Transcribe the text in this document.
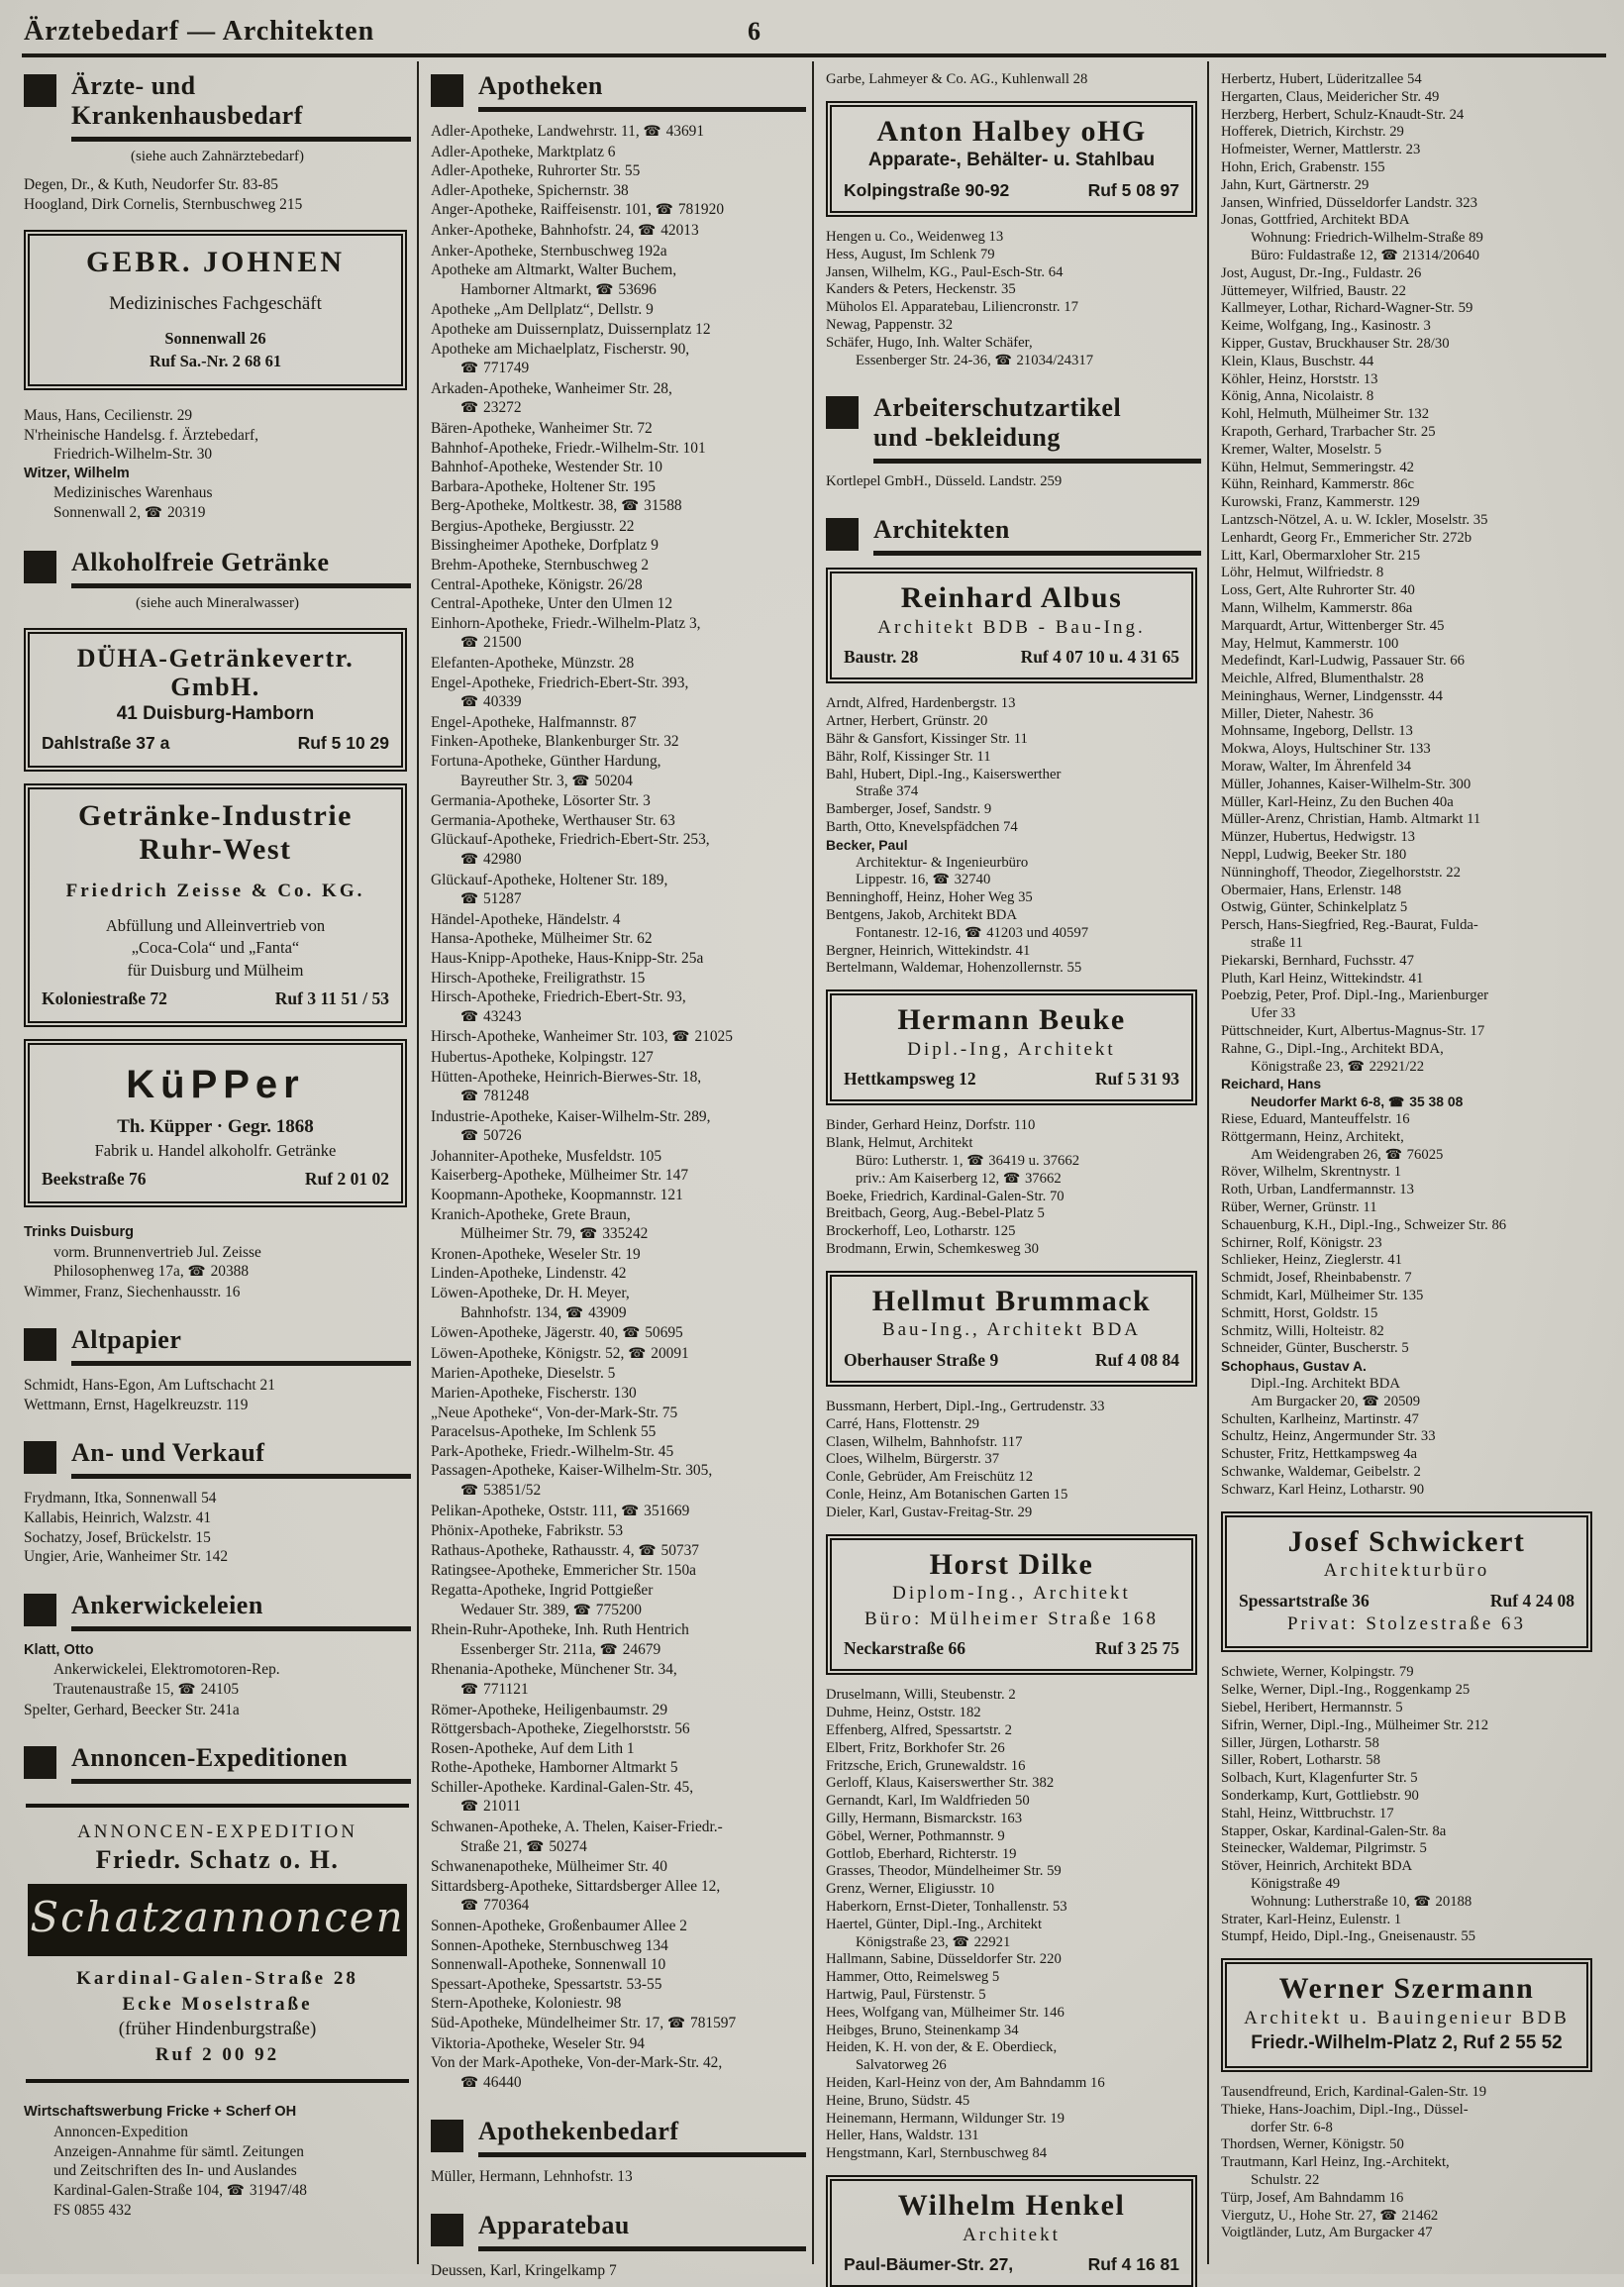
Ärztebedarf — Architekten	6
Ärzte- und
Krankenhausbedarf
(siehe auch Zahnärztebedarf)
Degen, Dr., & Kuth, Neudorfer Str. 83-85
Hoogland, Dirk Cornelis, Sternbuschweg 215
GEBR. JOHNEN
Medizinisches Fachgeschäft
Sonnenwall 26
Ruf Sa.-Nr. 2 68 61
Maus, Hans, Cecilienstr. 29
N'rheinische Handelsg. f. Ärztebedarf,
Friedrich-Wilhelm-Str. 30
Witzer, Wilhelm
Medizinisches Warenhaus
Sonnenwall 2, ☎ 20319
Alkoholfreie Getränke
(siehe auch Mineralwasser)
DÜHA-Getränkevertr. GmbH.
41 Duisburg-Hamborn
Dahlstraße 37 a	Ruf 5 10 29
Getränke-Industrie
Ruhr-West
Friedrich Zeisse & Co. KG.
Abfüllung und Alleinvertrieb von
„Coca-Cola“ und „Fanta“
für Duisburg und Mülheim
Koloniestraße 72	Ruf 3 11 51 / 53
KüPPer
Th. Küpper · Gegr. 1868
Fabrik u. Handel alkoholfr. Getränke
Beekstraße 76	Ruf 2 01 02
Trinks Duisburg
vorm. Brunnenvertrieb Jul. Zeisse
Philosophenweg 17a, ☎ 20388
Wimmer, Franz, Siechenhausstr. 16
Altpapier
Schmidt, Hans-Egon, Am Luftschacht 21
Wettmann, Ernst, Hagelkreuzstr. 119
An- und Verkauf
Frydmann, Itka, Sonnenwall 54
Kallabis, Heinrich, Walzstr. 41
Sochatzy, Josef, Brückelstr. 15
Ungier, Arie, Wanheimer Str. 142
Ankerwickeleien
Klatt, Otto
Ankerwickelei, Elektromotoren-Rep.
Trautenaustraße 15, ☎ 24105
Spelter, Gerhard, Beecker Str. 241a
Annoncen-Expeditionen
ANNONCEN-EXPEDITION
Friedr. Schatz o. H.
Schatzannoncen
Kardinal-Galen-Straße 28
Ecke Moselstraße
(früher Hindenburgstraße)
Ruf 2 00 92
Wirtschaftswerbung Fricke + Scherf OH
Annoncen-Expedition
Anzeigen-Annahme für sämtl. Zeitungen
und Zeitschriften des In- und Auslandes
Kardinal-Galen-Straße 104, ☎ 31947/48
FS 0855 432
Apotheken
Adler-Apotheke, Landwehrstr. 11, ☎ 43691
Adler-Apotheke, Marktplatz 6
Adler-Apotheke, Ruhrorter Str. 55
Adler-Apotheke, Spichernstr. 38
Anger-Apotheke, Raiffeisenstr. 101, ☎ 781920
Anker-Apotheke, Bahnhofstr. 24, ☎ 42013
Anker-Apotheke, Sternbuschweg 192a
Apotheke am Altmarkt, Walter Buchem,
Hamborner Altmarkt, ☎ 53696
Apotheke „Am Dellplatz“, Dellstr. 9
Apotheke am Duissernplatz, Duissernplatz 12
Apotheke am Michaelplatz, Fischerstr. 90,
☎ 771749
Arkaden-Apotheke, Wanheimer Str. 28,
☎ 23272
Bären-Apotheke, Wanheimer Str. 72
Bahnhof-Apotheke, Friedr.-Wilhelm-Str. 101
Bahnhof-Apotheke, Westender Str. 10
Barbara-Apotheke, Holtener Str. 195
Berg-Apotheke, Moltkestr. 38, ☎ 31588
Bergius-Apotheke, Bergiusstr. 22
Bissingheimer Apotheke, Dorfplatz 9
Brehm-Apotheke, Sternbuschweg 2
Central-Apotheke, Königstr. 26/28
Central-Apotheke, Unter den Ulmen 12
Einhorn-Apotheke, Friedr.-Wilhelm-Platz 3,
☎ 21500
Elefanten-Apotheke, Münzstr. 28
Engel-Apotheke, Friedrich-Ebert-Str. 393,
☎ 40339
Engel-Apotheke, Halfmannstr. 87
Finken-Apotheke, Blankenburger Str. 32
Fortuna-Apotheke, Günther Hardung,
Bayreuther Str. 3, ☎ 50204
Germania-Apotheke, Lösorter Str. 3
Germania-Apotheke, Werthauser Str. 63
Glückauf-Apotheke, Friedrich-Ebert-Str. 253,
☎ 42980
Glückauf-Apotheke, Holtener Str. 189,
☎ 51287
Händel-Apotheke, Händelstr. 4
Hansa-Apotheke, Mülheimer Str. 62
Haus-Knipp-Apotheke, Haus-Knipp-Str. 25a
Hirsch-Apotheke, Freiligrathstr. 15
Hirsch-Apotheke, Friedrich-Ebert-Str. 93,
☎ 43243
Hirsch-Apotheke, Wanheimer Str. 103, ☎ 21025
Hubertus-Apotheke, Kolpingstr. 127
Hütten-Apotheke, Heinrich-Bierwes-Str. 18,
☎ 781248
Industrie-Apotheke, Kaiser-Wilhelm-Str. 289,
☎ 50726
Johanniter-Apotheke, Musfeldstr. 105
Kaiserberg-Apotheke, Mülheimer Str. 147
Koopmann-Apotheke, Koopmannstr. 121
Kranich-Apotheke, Grete Braun,
Mülheimer Str. 79, ☎ 335242
Kronen-Apotheke, Weseler Str. 19
Linden-Apotheke, Lindenstr. 42
Löwen-Apotheke, Dr. H. Meyer,
Bahnhofstr. 134, ☎ 43909
Löwen-Apotheke, Jägerstr. 40, ☎ 50695
Löwen-Apotheke, Königstr. 52, ☎ 20091
Marien-Apotheke, Dieselstr. 5
Marien-Apotheke, Fischerstr. 130
„Neue Apotheke“, Von-der-Mark-Str. 75
Paracelsus-Apotheke, Im Schlenk 55
Park-Apotheke, Friedr.-Wilhelm-Str. 45
Passagen-Apotheke, Kaiser-Wilhelm-Str. 305,
☎ 53851/52
Pelikan-Apotheke, Oststr. 111, ☎ 351669
Phönix-Apotheke, Fabrikstr. 53
Rathaus-Apotheke, Rathausstr. 4, ☎ 50737
Ratingsee-Apotheke, Emmericher Str. 150a
Regatta-Apotheke, Ingrid Pottgießer
Wedauer Str. 389, ☎ 775200
Rhein-Ruhr-Apotheke, Inh. Ruth Hentrich
Essenberger Str. 211a, ☎ 24679
Rhenania-Apotheke, Münchener Str. 34,
☎ 771121
Römer-Apotheke, Heiligenbaumstr. 29
Röttgersbach-Apotheke, Ziegelhorststr. 56
Rosen-Apotheke, Auf dem Lith 1
Rothe-Apotheke, Hamborner Altmarkt 5
Schiller-Apotheke. Kardinal-Galen-Str. 45,
☎ 21011
Schwanen-Apotheke, A. Thelen, Kaiser-Friedr.-
Straße 21, ☎ 50274
Schwanenapotheke, Mülheimer Str. 40
Sittardsberg-Apotheke, Sittardsberger Allee 12,
☎ 770364
Sonnen-Apotheke, Großenbaumer Allee 2
Sonnen-Apotheke, Sternbuschweg 134
Sonnenwall-Apotheke, Sonnenwall 10
Spessart-Apotheke, Spessartstr. 53-55
Stern-Apotheke, Koloniestr. 98
Süd-Apotheke, Mündelheimer Str. 17, ☎ 781597
Viktoria-Apotheke, Weseler Str. 94
Von der Mark-Apotheke, Von-der-Mark-Str. 42,
☎ 46440
Apothekenbedarf
Müller, Hermann, Lehnhofstr. 13
Apparatebau
Deussen, Karl, Kringelkamp 7
Garbe, Lahmeyer & Co. AG., Kuhlenwall 28
Anton Halbey oHG
Apparate-, Behälter- u. Stahlbau
Kolpingstraße 90-92	Ruf 5 08 97
Hengen u. Co., Weidenweg 13
Hess, August, Im Schlenk 79
Jansen, Wilhelm, KG., Paul-Esch-Str. 64
Kanders & Peters, Heckenstr. 35
Müholos El. Apparatebau, Liliencronstr. 17
Newag, Pappenstr. 32
Schäfer, Hugo, Inh. Walter Schäfer,
Essenberger Str. 24-36, ☎ 21034/24317
Arbeiterschutzartikel
und -bekleidung
Kortlepel GmbH., Düsseld. Landstr. 259
Architekten
Reinhard Albus
Architekt BDB - Bau-Ing.
Baustr. 28	Ruf 4 07 10 u. 4 31 65
Arndt, Alfred, Hardenbergstr. 13
Artner, Herbert, Grünstr. 20
Bähr & Gansfort, Kissinger Str. 11
Bähr, Rolf, Kissinger Str. 11
Bahl, Hubert, Dipl.-Ing., Kaiserswerther
Straße 374
Bamberger, Josef, Sandstr. 9
Barth, Otto, Knevelspfädchen 74
Becker, Paul
Architektur- & Ingenieurbüro
Lippestr. 16, ☎ 32740
Benninghoff, Heinz, Hoher Weg 35
Bentgens, Jakob, Architekt BDA
Fontanestr. 12-16, ☎ 41203 und 40597
Bergner, Heinrich, Wittekindstr. 41
Bertelmann, Waldemar, Hohenzollernstr. 55
Hermann Beuke
Dipl.-Ing, Architekt
Hettkampsweg 12	Ruf 5 31 93
Binder, Gerhard Heinz, Dorfstr. 110
Blank, Helmut, Architekt
Büro: Lutherstr. 1, ☎ 36419 u. 37662
priv.: Am Kaiserberg 12, ☎ 37662
Boeke, Friedrich, Kardinal-Galen-Str. 70
Breitbach, Georg, Aug.-Bebel-Platz 5
Brockerhoff, Leo, Lotharstr. 125
Brodmann, Erwin, Schemkesweg 30
Hellmut Brummack
Bau-Ing., Architekt BDA
Oberhauser Straße 9	Ruf 4 08 84
Bussmann, Herbert, Dipl.-Ing., Gertrudenstr. 33
Carré, Hans, Flottenstr. 29
Clasen, Wilhelm, Bahnhofstr. 117
Cloes, Wilhelm, Bürgerstr. 37
Conle, Gebrüder, Am Freischütz 12
Conle, Heinz, Am Botanischen Garten 15
Dieler, Karl, Gustav-Freitag-Str. 29
Horst Dilke
Diplom-Ing., Architekt
Büro: Mülheimer Straße 168
Neckarstraße 66	Ruf 3 25 75
Druselmann, Willi, Steubenstr. 2
Duhme, Heinz, Oststr. 182
Effenberg, Alfred, Spessartstr. 2
Elbert, Fritz, Borkhofer Str. 26
Fritzsche, Erich, Grunewaldstr. 16
Gerloff, Klaus, Kaiserswerther Str. 382
Gernandt, Karl, Im Waldfrieden 50
Gilly, Hermann, Bismarckstr. 163
Göbel, Werner, Pothmannstr. 9
Gottlob, Eberhard, Richterstr. 19
Grasses, Theodor, Mündelheimer Str. 59
Grenz, Werner, Eligiusstr. 10
Haberkorn, Ernst-Dieter, Tonhallenstr. 53
Haertel, Günter, Dipl.-Ing., Architekt
Königstraße 23, ☎ 22921
Hallmann, Sabine, Düsseldorfer Str. 220
Hammer, Otto, Reimelsweg 5
Hartwig, Paul, Fürstenstr. 5
Hees, Wolfgang van, Mülheimer Str. 146
Heibges, Bruno, Steinenkamp 34
Heiden, K. H. von der, & E. Oberdieck,
Salvatorweg 26
Heiden, Karl-Heinz von der, Am Bahndamm 16
Heine, Bruno, Südstr. 45
Heinemann, Hermann, Wildunger Str. 19
Heller, Hans, Waldstr. 131
Hengstmann, Karl, Sternbuschweg 84
Wilhelm Henkel
Architekt
Paul-Bäumer-Str. 27,	Ruf 4 16 81
Herbertz, Hubert, Lüderitzallee 54
Hergarten, Claus, Meidericher Str. 49
Herzberg, Herbert, Schulz-Knaudt-Str. 24
Hofferek, Dietrich, Kirchstr. 29
Hofmeister, Werner, Mattlerstr. 23
Hohn, Erich, Grabenstr. 155
Jahn, Kurt, Gärtnerstr. 29
Jansen, Winfried, Düsseldorfer Landstr. 323
Jonas, Gottfried, Architekt BDA
Wohnung: Friedrich-Wilhelm-Straße 89
Büro: Fuldastraße 12, ☎ 21314/20640
Jost, August, Dr.-Ing., Fuldastr. 26
Jüttemeyer, Wilfried, Baustr. 22
Kallmeyer, Lothar, Richard-Wagner-Str. 59
Keime, Wolfgang, Ing., Kasinostr. 3
Kipper, Gustav, Bruckhauser Str. 28/30
Klein, Klaus, Buschstr. 44
Köhler, Heinz, Horststr. 13
König, Anna, Nicolaistr. 8
Kohl, Helmuth, Mülheimer Str. 132
Krapoth, Gerhard, Trarbacher Str. 25
Kremer, Walter, Moselstr. 5
Kühn, Helmut, Semmeringstr. 42
Kühn, Reinhard, Kammerstr. 86c
Kurowski, Franz, Kammerstr. 129
Lantzsch-Nötzel, A. u. W. Ickler, Moselstr. 35
Lenhardt, Georg Fr., Emmericher Str. 272b
Litt, Karl, Obermarxloher Str. 215
Löhr, Helmut, Wilfriedstr. 8
Loss, Gert, Alte Ruhrorter Str. 40
Mann, Wilhelm, Kammerstr. 86a
Marquardt, Artur, Wittenberger Str. 45
May, Helmut, Kammerstr. 100
Medefindt, Karl-Ludwig, Passauer Str. 66
Meichle, Alfred, Blumenthalstr. 28
Meininghaus, Werner, Lindgensstr. 44
Miller, Dieter, Nahestr. 36
Mohnsame, Ingeborg, Dellstr. 13
Mokwa, Aloys, Hultschiner Str. 133
Moraw, Walter, Im Ährenfeld 34
Müller, Johannes, Kaiser-Wilhelm-Str. 300
Müller, Karl-Heinz, Zu den Buchen 40a
Müller-Arenz, Christian, Hamb. Altmarkt 11
Münzer, Hubertus, Hedwigstr. 13
Neppl, Ludwig, Beeker Str. 180
Nünninghoff, Theodor, Ziegelhorststr. 22
Obermaier, Hans, Erlenstr. 148
Ostwig, Günter, Schinkelplatz 5
Persch, Hans-Siegfried, Reg.-Baurat, Fulda-
straße 11
Piekarski, Bernhard, Fuchsstr. 47
Pluth, Karl Heinz, Wittekindstr. 41
Poebzig, Peter, Prof. Dipl.-Ing., Marienburger
Ufer 33
Püttschneider, Kurt, Albertus-Magnus-Str. 17
Rahne, G., Dipl.-Ing., Architekt BDA,
Königstraße 23, ☎ 22921/22
Reichard, Hans
Neudorfer Markt 6-8, ☎ 35 38 08
Riese, Eduard, Manteuffelstr. 16
Röttgermann, Heinz, Architekt,
Am Weidengraben 26, ☎ 76025
Röver, Wilhelm, Skrentnystr. 1
Roth, Urban, Landfermannstr. 13
Rüber, Werner, Grünstr. 11
Schauenburg, K.H., Dipl.-Ing., Schweizer Str. 86
Schirner, Rolf, Königstr. 23
Schlieker, Heinz, Zieglerstr. 41
Schmidt, Josef, Rheinbabenstr. 7
Schmidt, Karl, Mülheimer Str. 135
Schmitt, Horst, Goldstr. 15
Schmitz, Willi, Holteistr. 82
Schneider, Günter, Buscherstr. 5
Schophaus, Gustav A.
Dipl.-Ing. Architekt BDA
Am Burgacker 20, ☎ 20509
Schulten, Karlheinz, Martinstr. 47
Schultz, Heinz, Angermunder Str. 33
Schuster, Fritz, Hettkampsweg 4a
Schwanke, Waldemar, Geibelstr. 2
Schwarz, Karl Heinz, Lotharstr. 90
Josef Schwickert
Architekturbüro
Spessartstraße 36	Ruf 4 24 08
Privat: Stolzestraße 63
Schwiete, Werner, Kolpingstr. 79
Selke, Werner, Dipl.-Ing., Roggenkamp 25
Siebel, Heribert, Hermannstr. 5
Sifrin, Werner, Dipl.-Ing., Mülheimer Str. 212
Siller, Jürgen, Lotharstr. 58
Siller, Robert, Lotharstr. 58
Solbach, Kurt, Klagenfurter Str. 5
Sonderkamp, Kurt, Gottliebstr. 90
Stahl, Heinz, Wittbruchstr. 17
Stapper, Oskar, Kardinal-Galen-Str. 8a
Steinecker, Waldemar, Pilgrimstr. 5
Stöver, Heinrich, Architekt BDA
Königstraße 49
Wohnung: Lutherstraße 10, ☎ 20188
Strater, Karl-Heinz, Eulenstr. 1
Stumpf, Heido, Dipl.-Ing., Gneisenaustr. 55
Werner Szermann
Architekt u. Bauingenieur BDB
Friedr.-Wilhelm-Platz 2, Ruf 2 55 52
Tausendfreund, Erich, Kardinal-Galen-Str. 19
Thieke, Hans-Joachim, Dipl.-Ing., Düssel-
dorfer Str. 6-8
Thordsen, Werner, Königstr. 50
Trautmann, Karl Heinz, Ing.-Architekt,
Schulstr. 22
Türp, Josef, Am Bahndamm 16
Viergutz, U., Hohe Str. 27, ☎ 21462
Voigtländer, Lutz, Am Burgacker 47
